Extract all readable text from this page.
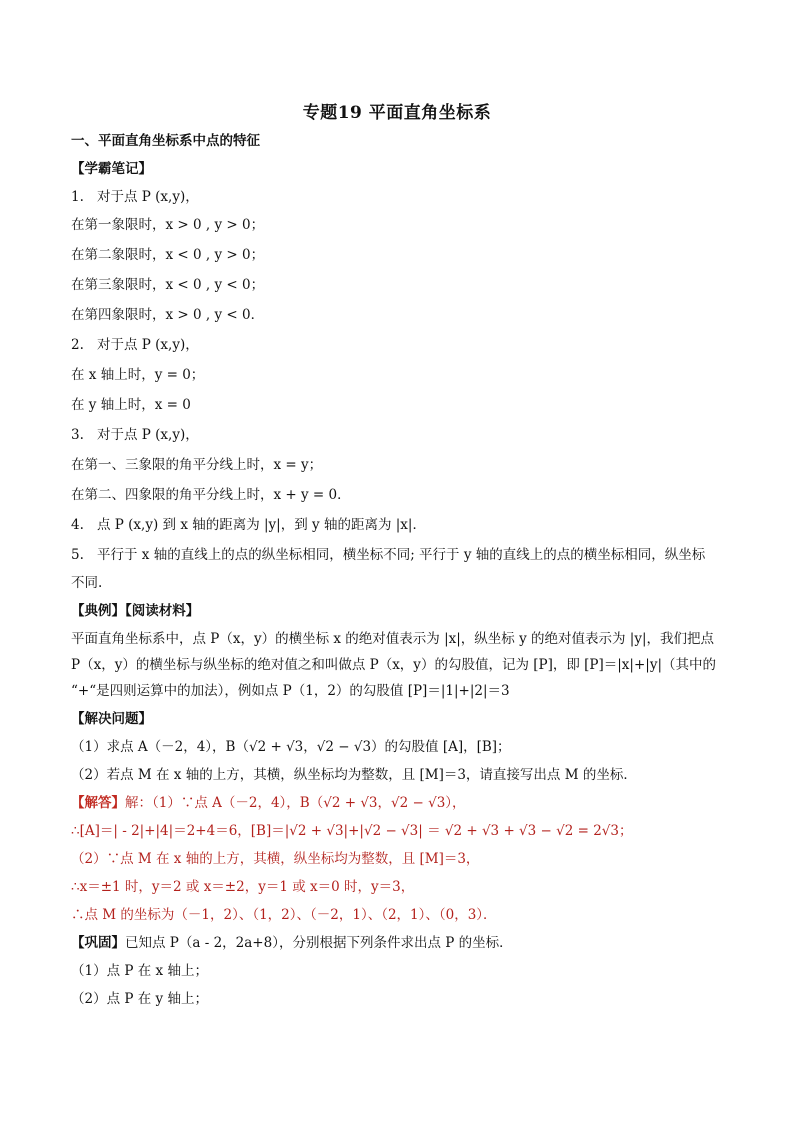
专题19 平面直角坐标系
一、平面直角坐标系中点的特征
【学霸笔记】
1. 对于点 P (x,y)，
在第一象限时，x > 0 , y > 0；
在第二象限时，x < 0 , y > 0；
在第三象限时，x < 0 , y < 0；
在第四象限时，x > 0 , y < 0．
2. 对于点 P (x,y)，
在 x 轴上时，y = 0；
在 y 轴上时，x = 0
3. 对于点 P (x,y)，
在第一、三象限的角平分线上时，x = y；
在第二、四象限的角平分线上时，x + y = 0．
4. 点 P (x,y) 到 x 轴的距离为 |y|，到 y 轴的距离为 |x|．
5. 平行于 x 轴的直线上的点的纵坐标相同，横坐标不同; 平行于 y 轴的直线上的点的横坐标相同，纵坐标
不同.
【典例】【阅读材料】
平面直角坐标系中，点 P（x，y）的横坐标 x 的绝对值表示为 |x|，纵坐标 y 的绝对值表示为 |y|，我们把点
P（x，y）的横坐标与纵坐标的绝对值之和叫做点 P（x，y）的勾股值，记为 [P]，即 [P]＝|x|+|y|（其中的
“+“是四则运算中的加法），例如点 P（1，2）的勾股值 [P]＝|1|+|2|＝3
【解决问题】
（1）求点 A（－2，4），B（√2 + √3，√2 − √3）的勾股值 [A]，[B]；
（2）若点 M 在 x 轴的上方，其横，纵坐标均为整数，且 [M]＝3，请直接写出点 M 的坐标．
【解答】解：（1）∵点 A（－2，4），B（√2 + √3，√2 − √3），
∴[A]＝| - 2|+|4|＝2+4＝6，[B]＝|√2 + √3|+|√2 − √3| ＝ √2 + √3 + √3 − √2 = 2√3；
（2）∵点 M 在 x 轴的上方，其横，纵坐标均为整数，且 [M]＝3，
∴x＝±1 时，y＝2 或 x＝±2，y＝1 或 x＝0 时，y＝3，
∴点 M 的坐标为（－1，2）、（1，2）、（－2，1）、（2，1）、（0，3）．
【巩固】已知点 P（a - 2，2a+8），分别根据下列条件求出点 P 的坐标．
（1）点 P 在 x 轴上；
（2）点 P 在 y 轴上；
